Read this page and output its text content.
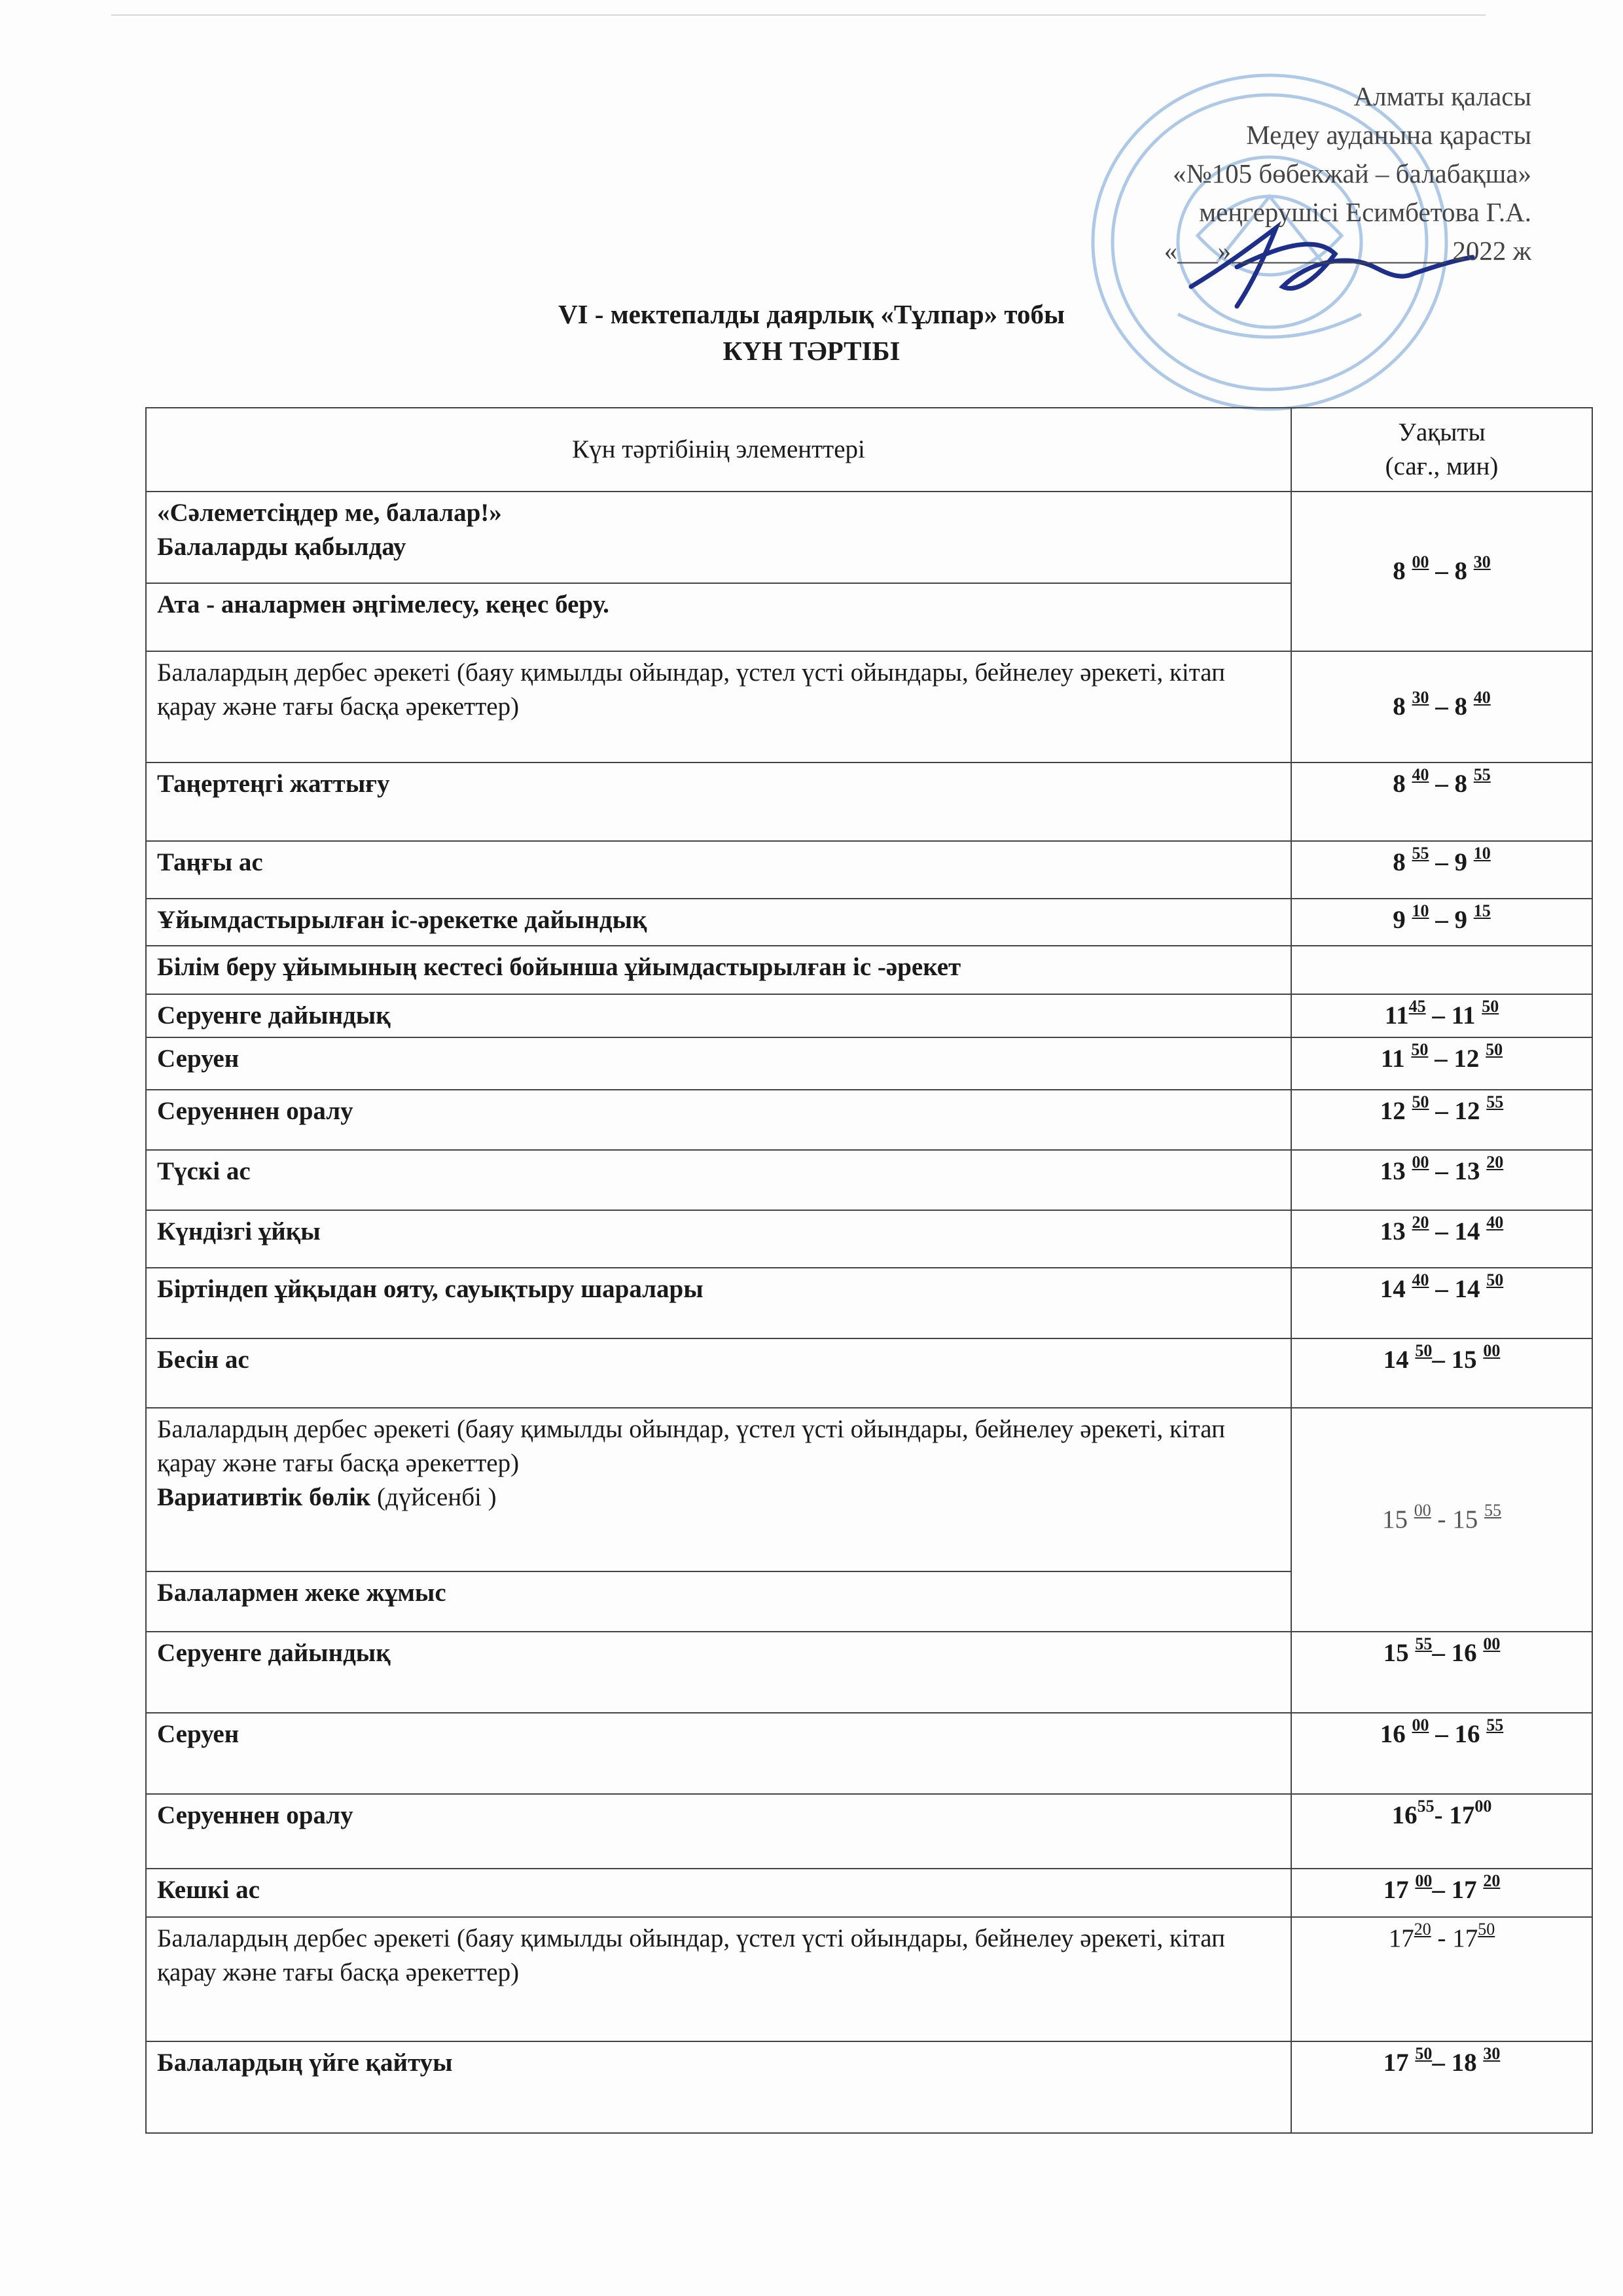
Алматы қаласы
Медеу ауданына қарасты
«№105 бөбекжай – балабақша»
меңгерушісі Есимбетова Г.А.
«___»________________ 2022 ж
VI - мектепалды даярлық «Тұлпар» тобы
КҮН ТӘРТІБІ
Күн тәртібінің элементтері	Уақыты
(сағ., мин)

«Сәлеметсіңдер ме, балалар!»
Балаларды қабылдау	8 $^{00}$ – 8 $^{30}$
Ата - аналармен әңгімелесу, кеңес беру.	
Балалардың дербес әрекеті (баяу қимылды ойындар, үстел үсті ойындары, бейнелеу әрекеті, кітап қарау және тағы басқа әрекеттер)	8 $^{30}$ – 8 $^{40}$
Таңертеңгі жаттығу	8 $^{40}$ – 8 $^{55}$
Таңғы ас	8 $^{55}$ – 9 $^{10}$
Ұйымдастырылған іс-әрекетке дайындық	9 $^{10}$ – 9 $^{15}$
Білім беру ұйымының кестесі бойынша ұйымдастырылған іс -әрекет	
Серуенге дайындық	$11^{45} - 11$ $^{50}$
Серуен	11 $^{50}$ – 12 $^{50}$
Серуеннен оралу	12 $^{50}$ – 12 $^{55}$
Түскі ас	13 $^{00}$ – 13 $^{20}$
Күндізгі ұйқы	13 $^{20}$ – 14 $^{40}$
Біртіндеп ұйқыдан ояту, сауықтыру шаралары	14 $^{40}$ – 14 $^{50}$
Бесін ас	14 $^{50}$– 15 $^{00}$

Балалардың дербес әрекеті (баяу қимылды ойындар, үстел үсті ойындары, бейнелеу әрекеті, кітап қарау және тағы басқа әрекеттер)
Вариативтік бөлік (дүйсенбі )	15 $^{00}$ - 15 $^{55}$
Балалармен жеке жұмыс	
Серуенге дайындық	15 $^{55}$– 16 $^{00}$
Серуен	16 $^{00}$ – 16 $^{55}$
Серуеннен оралу	$16^{55}-$ $17^{00}$
Кешкі ас	17 $^{00}$– 17 $^{20}$
Балалардың дербес әрекеті (баяу қимылды ойындар, үстел үсті ойындары, бейнелеу әрекеті, кітап қарау және тағы басқа әрекеттер)	$17^{20} - 17^{50}$
Балалардың үйге қайтуы	17 $^{50}$– 18 $^{30}$
